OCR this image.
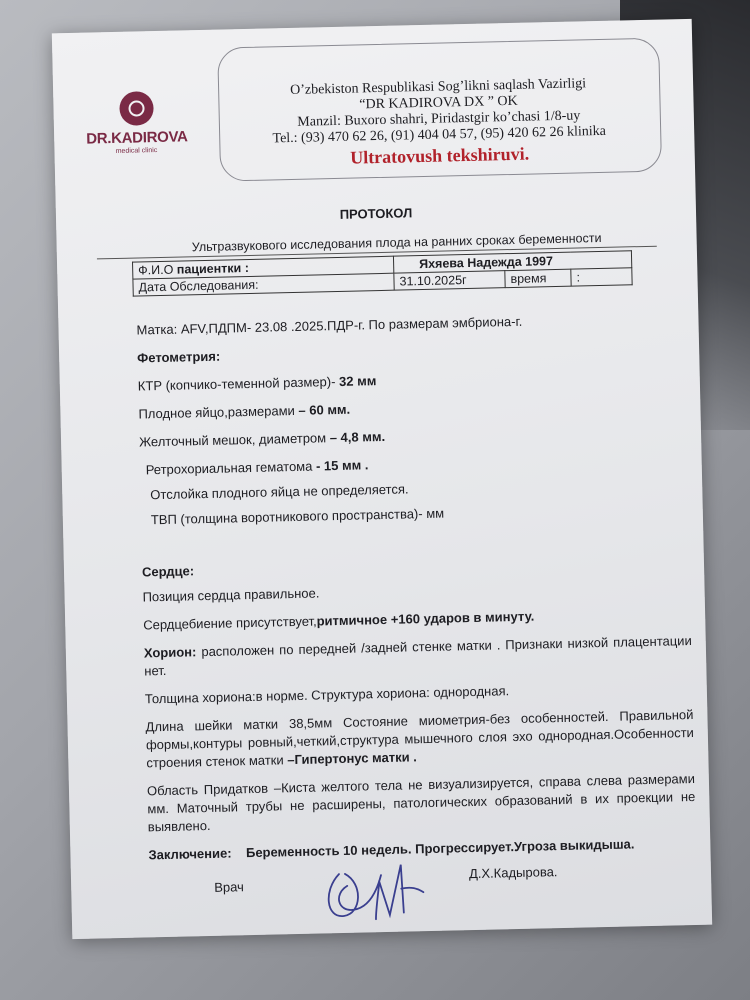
DR.KADIROVA
medical clinic
O’zbekiston Respublikasi Sog’likni saqlash Vazirligi
“DR KADIROVA DX ” OK
Manzil: Buxoro shahri, Piridastgir ko’chasi 1/8-uy
Tel.: (93) 470 62 26, (91) 404 04 57, (95) 420 62 26 klinika
Ultratovush tekshiruvi.
ПРОТОКОЛ
Ультразвукового исследования плода на ранних сроках беременности
Ф.И.О пациентки :	Яхяева Надежда 1997		
Дата Обследования:	31.10.2025г	время	:

Матка: AFV,ПДПМ- 23.08 .2025.ПДР-г. По размерам эмбриона-г.

Фетометрия:

КТР (копчико-теменной размер)- 32 мм

Плодное яйцо,размерами – 60 мм.

Желточный мешок, диаметром – 4,8 мм.

Ретрохориальная гематома - 15 мм .

Отслойка плодного яйца не определяется.

ТВП (толщина воротникового пространства)- мм

Сердце:

Позиция сердца правильное.

Сердцебиение присутствует,ритмичное +160 ударов в минуту.

Хорион: расположен по передней /задней стенке матки . Признаки низкой плацентации нет.

Толщина хориона:в норме. Структура хориона: однородная.

Длина шейки матки 38,5мм Состояние миометрия-без особенностей. Правильной формы,контуры ровный,четкий,структура мышечного слоя эхо однородная.Особенности строения стенок матки –Гипертонус матки .

Область Придатков –Киста желтого тела не визуализируется, справа слева размерами мм. Маточный трубы не расширены, патологических образований в их проекции не выявлено.

Заключение: Беременность 10 недель. Прогрессирует.Угроза выкидыша.

Врач
Д.Х.Кадырова.
